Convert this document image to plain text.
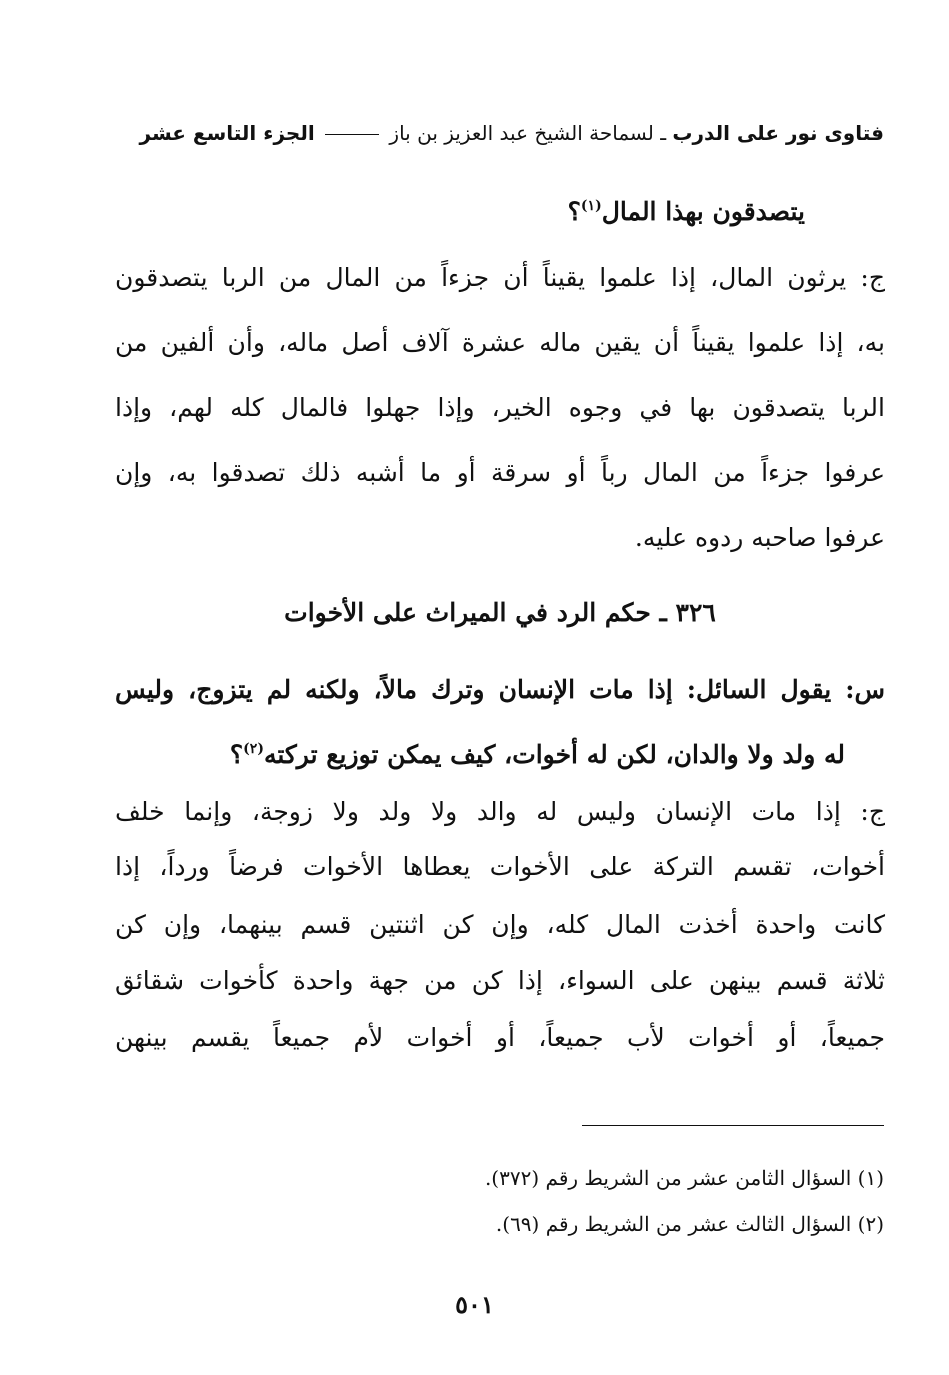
فتاوى نور على الدرب ـ لسماحة الشيخ عبد العزيز بن باز  الجزء التاسع عشر
يتصدقون بهذا المال$^{(١)}$؟
ج: يرثون المال، إذا علموا يقيناً أن جزءاً من المال من الربا يتصدقون
به، إذا علموا يقيناً أن يقين ماله عشرة آلاف أصل ماله، وأن ألفين من
الربا يتصدقون بها في وجوه الخير، وإذا جهلوا فالمال كله لهم، وإذا
عرفوا جزءاً من المال رباً أو سرقة أو ما أشبه ذلك تصدقوا به، وإن
عرفوا صاحبه ردوه عليه.
٣٢٦ ـ حكم الرد في الميراث على الأخوات
س: يقول السائل: إذا مات الإنسان وترك مالاً، ولكنه لم يتزوج، وليس
له ولد ولا والدان، لكن له أخوات، كيف يمكن توزيع تركته$^{(٢)}$؟
ج: إذا مات الإنسان وليس له والد ولا ولد ولا زوجة، وإنما خلف
أخوات، تقسم التركة على الأخوات يعطاها الأخوات فرضاً ورداً، إذا
كانت واحدة أخذت المال كله، وإن كن اثنتين قسم بينهما، وإن كن
ثلاثة قسم بينهن على السواء، إذا كن من جهة واحدة كأخوات شقائق
جميعاً، أو أخوات لأب جميعاً، أو أخوات لأم جميعاً يقسم بينهن
(١) السؤال الثامن عشر من الشريط رقم (٣٧٢).
(٢) السؤال الثالث عشر من الشريط رقم (٦٩).
٥٠١
